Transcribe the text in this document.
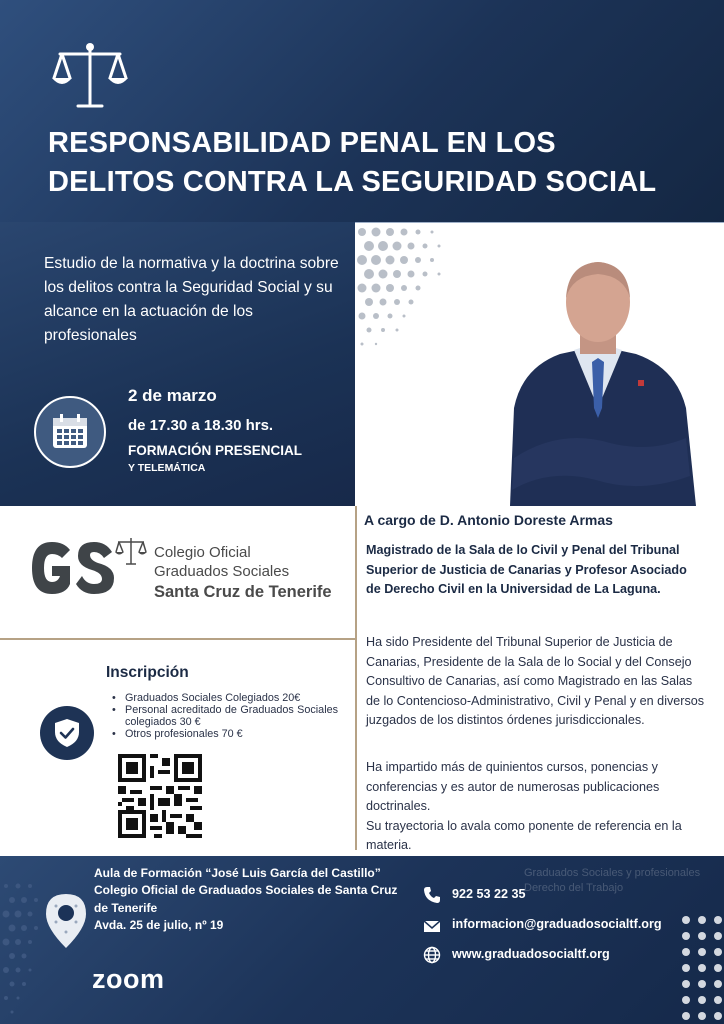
RESPONSABILIDAD PENAL EN LOS
DELITOS CONTRA LA SEGURIDAD SOCIAL

Estudio de la normativa y la doctrina sobre los delitos contra la Seguridad Social y su alcance en la actuación de los profesionales

2 de marzo
de 17.30 a 18.30 hrs.
FORMACIÓN PRESENCIAL
Y TELEMÁTICA
A cargo de D. Antonio Doreste Armas
Colegio Oficial
Graduados Sociales
Santa Cruz de Tenerife

Magistrado de la Sala de lo Civil y Penal del Tribunal Superior de Justicia de Canarias y Profesor Asociado de Derecho Civil en la Universidad de La Laguna.

Ha sido Presidente del Tribunal Superior de Justicia de Canarias, Presidente de la Sala de lo Social y del Consejo Consultivo de Canarias, así como Magistrado en las Salas de lo Contencioso-Administrativo, Civil y Penal y en diversos juzgados de los distintos órdenes jurisdiccionales.

Ha impartido más de quinientos cursos, ponencias y conferencias y es autor de numerosas publicaciones doctrinales.
Su trayectoria lo avala como ponente de referencia en la materia.
Inscripción
• Graduados Sociales Colegiados 20€
• Personal acreditado de Graduados Sociales colegiados 30 €
• Otros profesionales 70 €
Graduados Sociales y profesionales Derecho del Trabajo
Aula de Formación “José Luis García del Castillo”
Colegio Oficial de Graduados Sociales de Santa Cruz de Tenerife
Avda. 25 de julio, nº 19
zoom
922 53 22 35
informacion@graduadosocialtf.org
www.graduadosocialtf.org
